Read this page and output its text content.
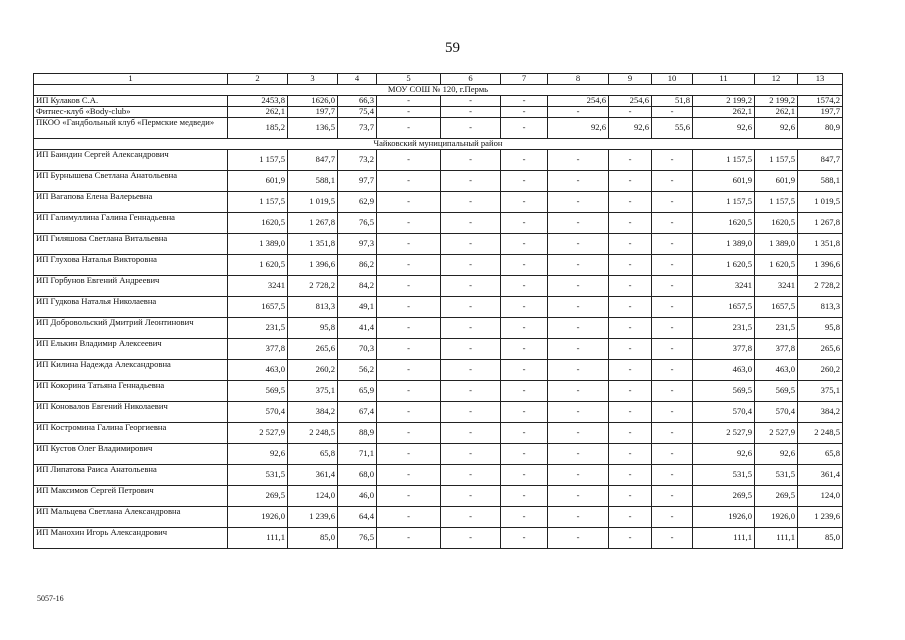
59
1	2	3	4	5	6	7	8	9	10	11	12	13
МОУ СОШ № 120, г.Пермь												
ИП Кулаков С.А.	2453,8	1626,0	66,3	-	-	-	254,6	254,6	51,8	2 199,2	2 199,2	1574,2
Фитнес-клуб «Body-club»	262,1	197,7	75,4	-	-	-	-	-	-	262,1	262,1	197,7
ПКОО «Гандбольный клуб «Пермские медведи»	185,2	136,5	73,7	-	-	-	92,6	92,6	55,6	92,6	92,6	80,9
Чайковский муниципальный район												
ИП Баиндин Сергей Александрович	1 157,5	847,7	73,2	-	-	-	-	-	-	1 157,5	1 157,5	847,7
ИП Бурнышева Светлана Анатольевна	601,9	588,1	97,7	-	-	-	-	-	-	601,9	601,9	588,1
ИП Вагапова Елена Валерьевна	1 157,5	1 019,5	62,9	-	-	-	-	-	-	1 157,5	1 157,5	1 019,5
ИП Галимуллина Галина Геннадьевна	1620,5	1 267,8	76,5	-	-	-	-	-	-	1620,5	1620,5	1 267,8
ИП Гиляшова Светлана Витальевна	1 389,0	1 351,8	97,3	-	-	-	-	-	-	1 389,0	1 389,0	1 351,8
ИП Глухова Наталья Викторовна	1 620,5	1 396,6	86,2	-	-	-	-	-	-	1 620,5	1 620,5	1 396,6
ИП Горбунов Евгений Андреевич	3241	2 728,2	84,2	-	-	-	-	-	-	3241	3241	2 728,2
ИП Гудкова Наталья Николаевна	1657,5	813,3	49,1	-	-	-	-	-	-	1657,5	1657,5	813,3
ИП Добровольский Дмитрий Леонтинович	231,5	95,8	41,4	-	-	-	-	-	-	231,5	231,5	95,8
ИП Елькин Владимир Алексеевич	377,8	265,6	70,3	-	-	-	-	-	-	377,8	377,8	265,6
ИП Килина Надежда Александровна	463,0	260,2	56,2	-	-	-	-	-	-	463,0	463,0	260,2
ИП Кокорина Татьяна Геннадьевна	569,5	375,1	65,9	-	-	-	-	-	-	569,5	569,5	375,1
ИП Коновалов Евгений Николаевич	570,4	384,2	67,4	-	-	-	-	-	-	570,4	570,4	384,2
ИП Костромина Галина Георгиевна	2 527,9	2 248,5	88,9	-	-	-	-	-	-	2 527,9	2 527,9	2 248,5
ИП Кустов Олег Владимирович	92,6	65,8	71,1	-	-	-	-	-	-	92,6	92,6	65,8
ИП Липатова Раиса Анатольевна	531,5	361,4	68,0	-	-	-	-	-	-	531,5	531,5	361,4
ИП Максимов Сергей Петрович	269,5	124,0	46,0	-	-	-	-	-	-	269,5	269,5	124,0
ИП Мальцева Светлана Александровна	1926,0	1 239,6	64,4	-	-	-	-	-	-	1926,0	1926,0	1 239,6
ИП Манохин Игорь Александрович	111,1	85,0	76,5	-	-	-	-	-	-	111,1	111,1	85,0
5057-16
